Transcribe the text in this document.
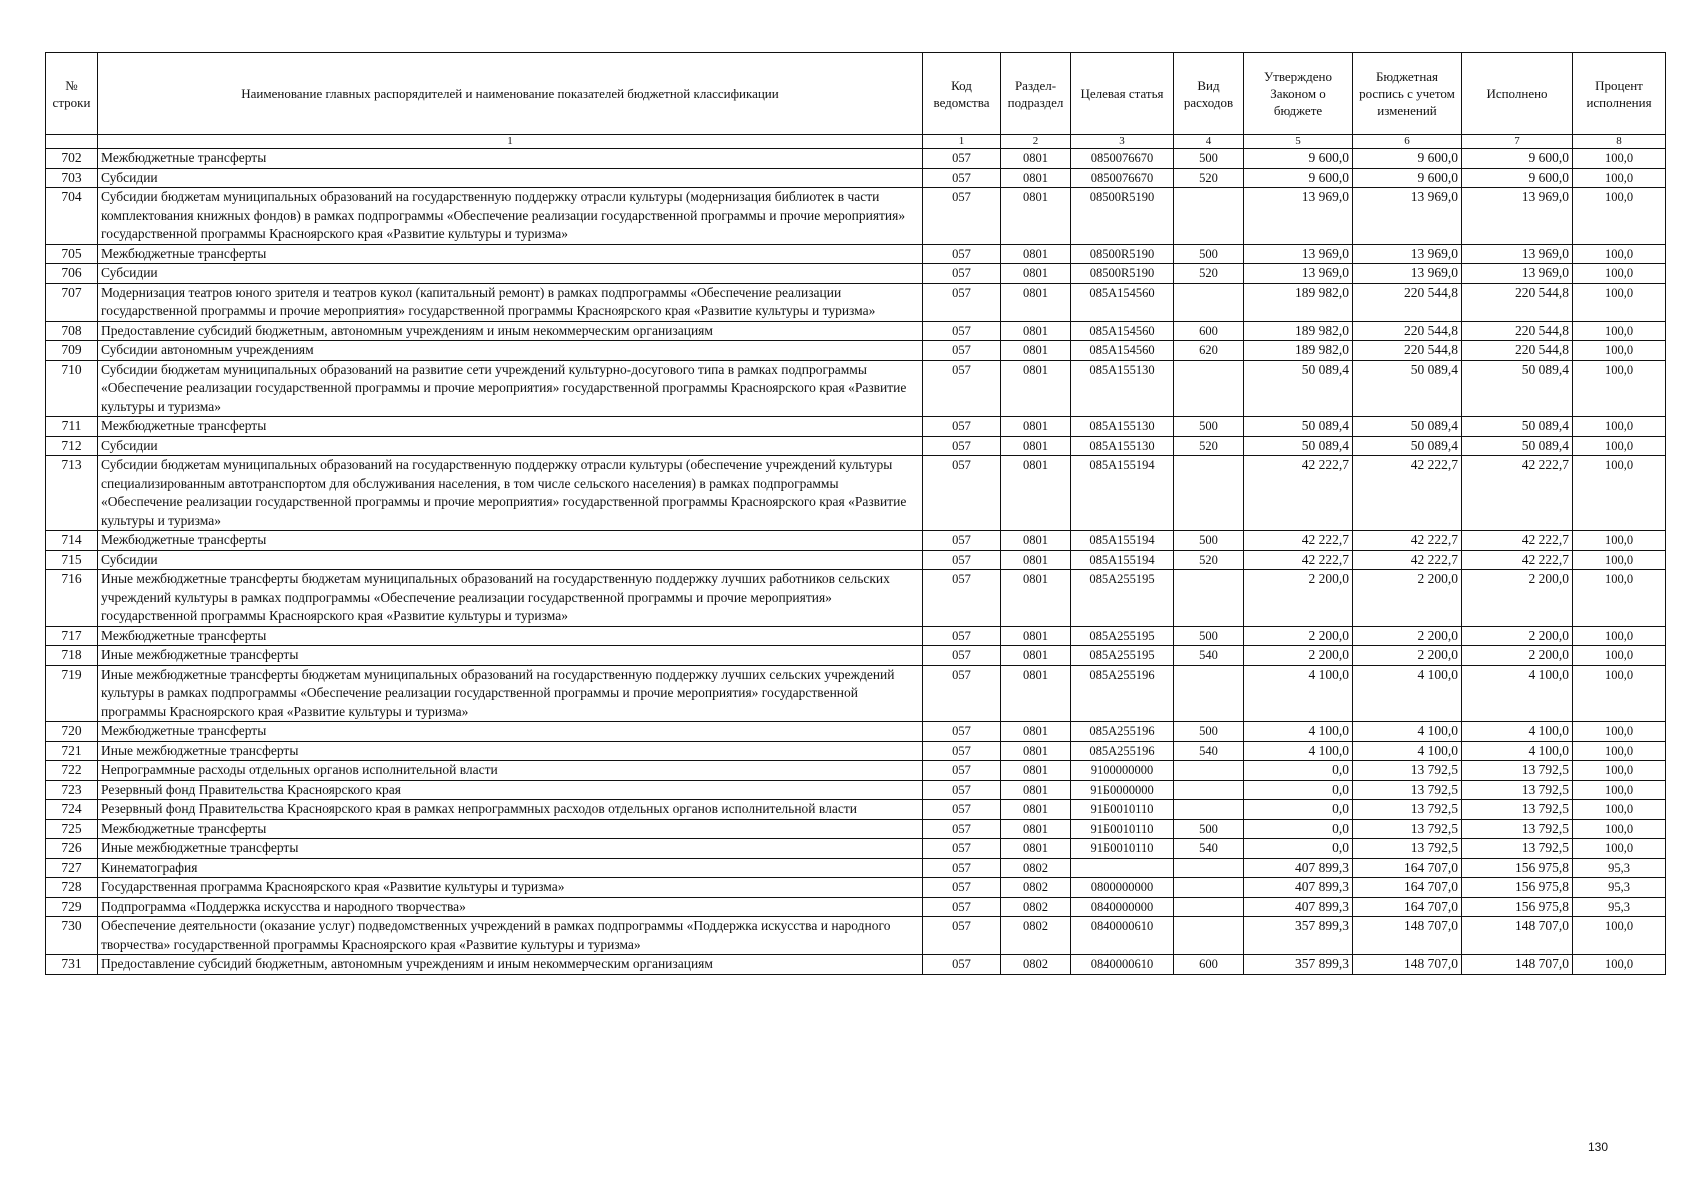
№ строки	Наименование главных распорядителей и наименование показателей бюджетной классификации	Код ведомства	Раздел-подраздел	Целевая статья	Вид расходов	Утверждено Законом о бюджете	Бюджетная роспись с учетом изменений	Исполнено	Процент исполнения
	1	1	2	3	4	5	6	7	8
702	Межбюджетные трансферты	057	0801	0850076670	500	9 600,0	9 600,0	9 600,0	100,0
703	Субсидии	057	0801	0850076670	520	9 600,0	9 600,0	9 600,0	100,0
704	Субсидии бюджетам муниципальных образований на государственную поддержку отрасли культуры (модернизация библиотек в части комплектования книжных фондов) в рамках подпрограммы «Обеспечение реализации государственной программы и прочие мероприятия» государственной программы Красноярского края «Развитие культуры и туризма»	057	0801	08500R5190		13 969,0	13 969,0	13 969,0	100,0
705	Межбюджетные трансферты	057	0801	08500R5190	500	13 969,0	13 969,0	13 969,0	100,0
706	Субсидии	057	0801	08500R5190	520	13 969,0	13 969,0	13 969,0	100,0
707	Модернизация театров юного зрителя и театров кукол (капитальный ремонт) в рамках подпрограммы «Обеспечение реализации государственной программы и прочие мероприятия» государственной программы Красноярского края «Развитие культуры и туризма»	057	0801	085A154560		189 982,0	220 544,8	220 544,8	100,0
708	Предоставление субсидий бюджетным, автономным учреждениям и иным некоммерческим организациям	057	0801	085A154560	600	189 982,0	220 544,8	220 544,8	100,0
709	Субсидии автономным учреждениям	057	0801	085A154560	620	189 982,0	220 544,8	220 544,8	100,0
710	Субсидии бюджетам муниципальных образований на развитие сети учреждений культурно-досугового типа в рамках подпрограммы «Обеспечение реализации государственной программы и прочие мероприятия» государственной программы Красноярского края «Развитие культуры и туризма»	057	0801	085A155130		50 089,4	50 089,4	50 089,4	100,0
711	Межбюджетные трансферты	057	0801	085A155130	500	50 089,4	50 089,4	50 089,4	100,0
712	Субсидии	057	0801	085A155130	520	50 089,4	50 089,4	50 089,4	100,0
713	Субсидии бюджетам муниципальных образований на государственную поддержку отрасли культуры (обеспечение учреждений культуры специализированным автотранспортом для обслуживания населения, в том числе сельского населения) в рамках подпрограммы «Обеспечение реализации государственной программы и прочие мероприятия» государственной программы Красноярского края «Развитие культуры и туризма»	057	0801	085A155194		42 222,7	42 222,7	42 222,7	100,0
714	Межбюджетные трансферты	057	0801	085A155194	500	42 222,7	42 222,7	42 222,7	100,0
715	Субсидии	057	0801	085A155194	520	42 222,7	42 222,7	42 222,7	100,0
716	Иные межбюджетные трансферты бюджетам муниципальных образований на государственную поддержку лучших работников сельских учреждений культуры в рамках подпрограммы «Обеспечение реализации государственной программы и прочие мероприятия» государственной программы Красноярского края «Развитие культуры и туризма»	057	0801	085A255195		2 200,0	2 200,0	2 200,0	100,0
717	Межбюджетные трансферты	057	0801	085A255195	500	2 200,0	2 200,0	2 200,0	100,0
718	Иные межбюджетные трансферты	057	0801	085A255195	540	2 200,0	2 200,0	2 200,0	100,0
719	Иные межбюджетные трансферты бюджетам муниципальных образований на государственную поддержку лучших сельских учреждений культуры в рамках подпрограммы «Обеспечение реализации государственной программы и прочие мероприятия» государственной программы Красноярского края «Развитие культуры и туризма»	057	0801	085A255196		4 100,0	4 100,0	4 100,0	100,0
720	Межбюджетные трансферты	057	0801	085A255196	500	4 100,0	4 100,0	4 100,0	100,0
721	Иные межбюджетные трансферты	057	0801	085A255196	540	4 100,0	4 100,0	4 100,0	100,0
722	Непрограммные расходы отдельных органов исполнительной власти	057	0801	9100000000		0,0	13 792,5	13 792,5	100,0
723	Резервный фонд Правительства Красноярского края	057	0801	91Б0000000		0,0	13 792,5	13 792,5	100,0
724	Резервный фонд Правительства Красноярского края в рамках непрограммных расходов отдельных органов исполнительной власти	057	0801	91Б0010110		0,0	13 792,5	13 792,5	100,0
725	Межбюджетные трансферты	057	0801	91Б0010110	500	0,0	13 792,5	13 792,5	100,0
726	Иные межбюджетные трансферты	057	0801	91Б0010110	540	0,0	13 792,5	13 792,5	100,0
727	Кинематография	057	0802			407 899,3	164 707,0	156 975,8	95,3
728	Государственная программа Красноярского края «Развитие культуры и туризма»	057	0802	0800000000		407 899,3	164 707,0	156 975,8	95,3
729	Подпрограмма «Поддержка искусства и народного творчества»	057	0802	0840000000		407 899,3	164 707,0	156 975,8	95,3
730	Обеспечение деятельности (оказание услуг) подведомственных учреждений в рамках подпрограммы «Поддержка искусства и народного творчества» государственной программы Красноярского края «Развитие культуры и туризма»	057	0802	0840000610		357 899,3	148 707,0	148 707,0	100,0
731	Предоставление субсидий бюджетным, автономным учреждениям и иным некоммерческим организациям	057	0802	0840000610	600	357 899,3	148 707,0	148 707,0	100,0
130
